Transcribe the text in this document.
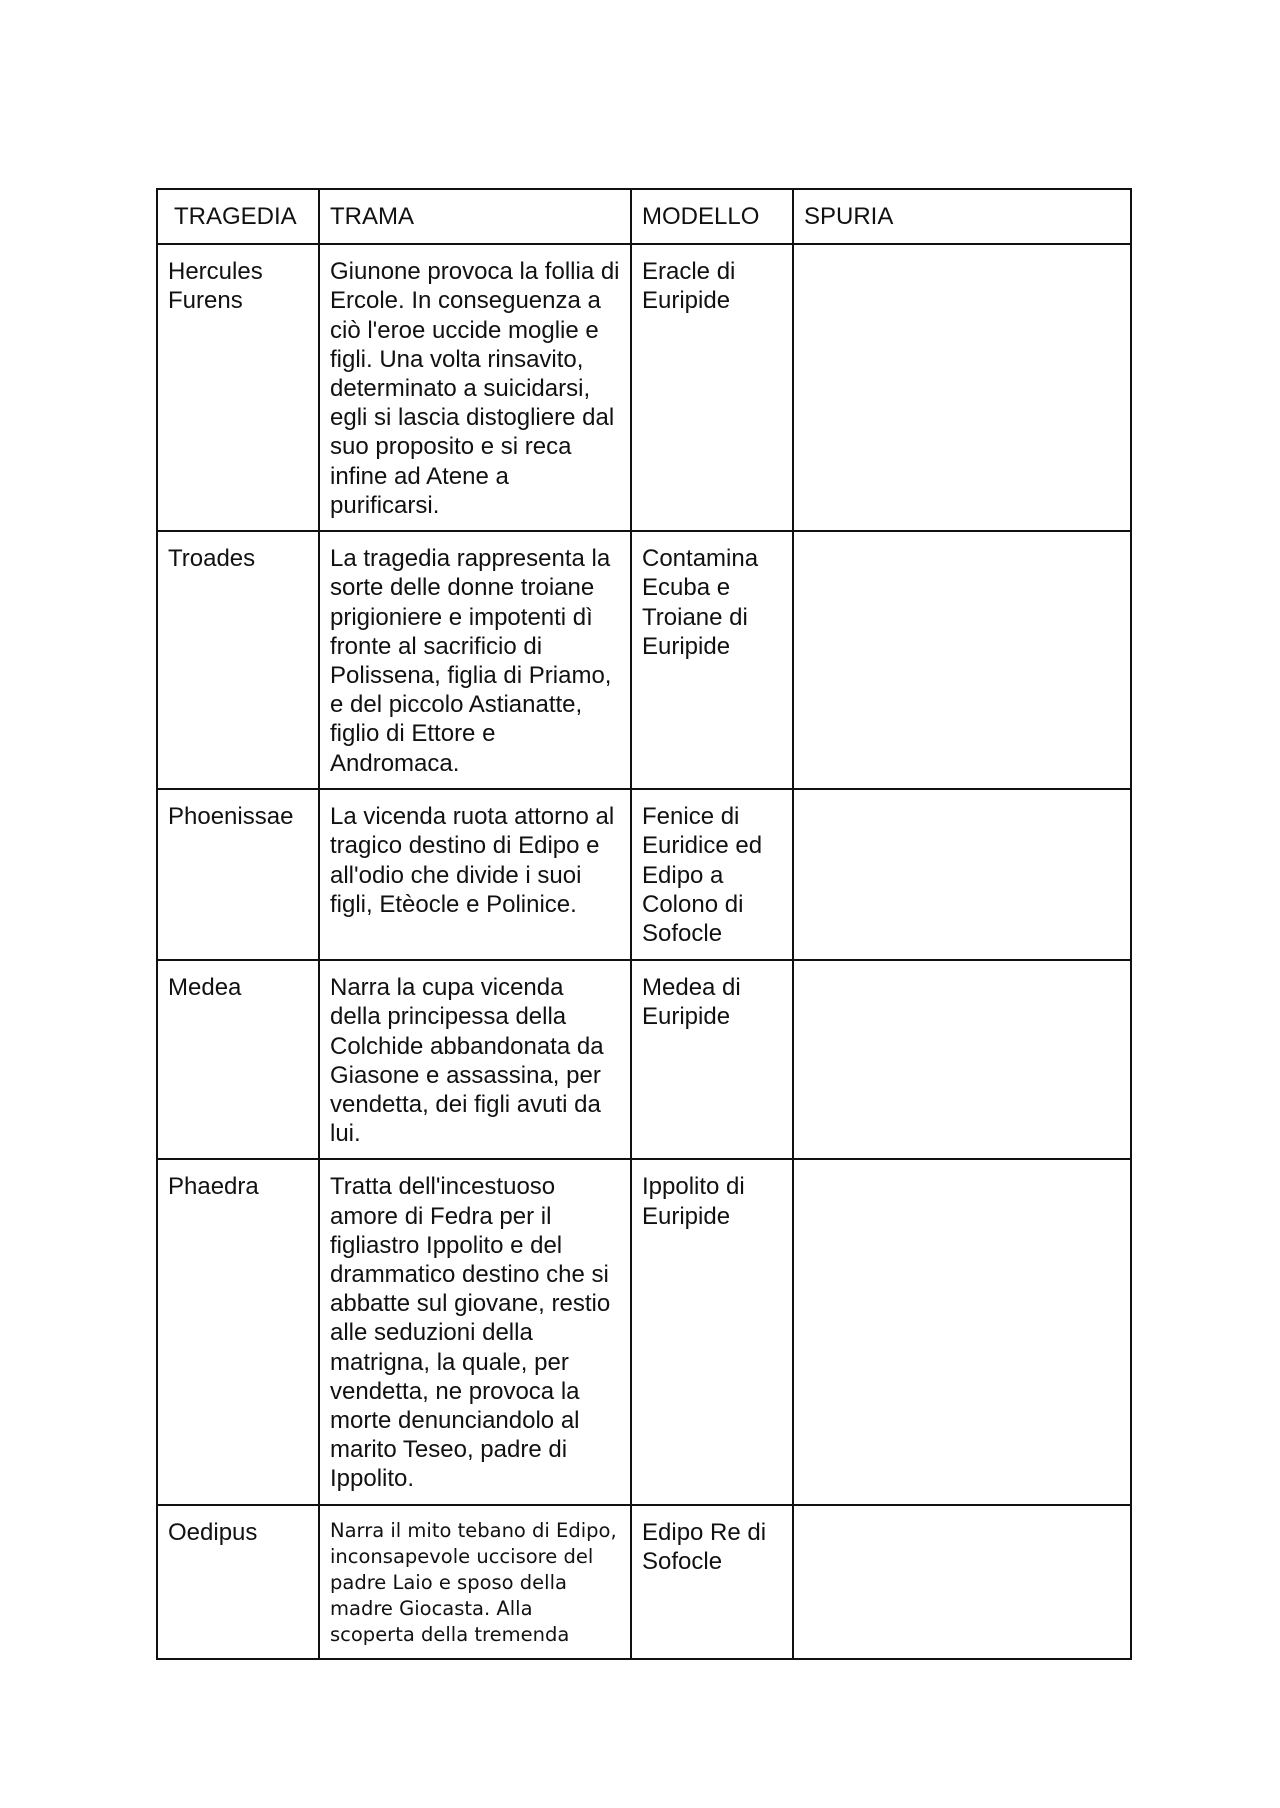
TRAGEDIA	TRAMA	MODELLO	SPURIA
Hercules Furens	Giunone provoca la follia di Ercole. In conseguenza a ciò l'eroe uccide moglie e figli. Una volta rinsavito, determinato a suicidarsi, egli si lascia distogliere dal suo proposito e si reca infine ad Atene a purificarsi.	Eracle di Euripide	
Troades	La tragedia rappresenta la sorte delle donne troiane prigioniere e impotenti dì fronte al sacrificio di Polissena, figlia di Priamo, e del piccolo Astianatte, figlio di Ettore e Andromaca.	Contamina Ecuba e Troiane di Euripide	
Phoenissae	La vicenda ruota attorno al tragico destino di Edipo e all'odio che divide i suoi figli, Etèocle e Polinice.	Fenice di Euridice ed Edipo a Colono di Sofocle	
Medea	Narra la cupa vicenda della principessa della Colchide abbandonata da Giasone e assassina, per vendetta, dei figli avuti da lui.	Medea di Euripide	
Phaedra	Tratta dell'incestuoso amore di Fedra per il figliastro Ippolito e del drammatico destino che si abbatte sul giovane, restio alle seduzioni della matrigna, la quale, per vendetta, ne provoca la morte denunciandolo al marito Teseo, padre di Ippolito.	Ippolito di Euripide	
Oedipus	Narra il mito tebano di Edipo, inconsapevole uccisore del padre Laio e sposo della madre Giocasta. Alla scoperta della tremenda	Edipo Re di Sofocle	
